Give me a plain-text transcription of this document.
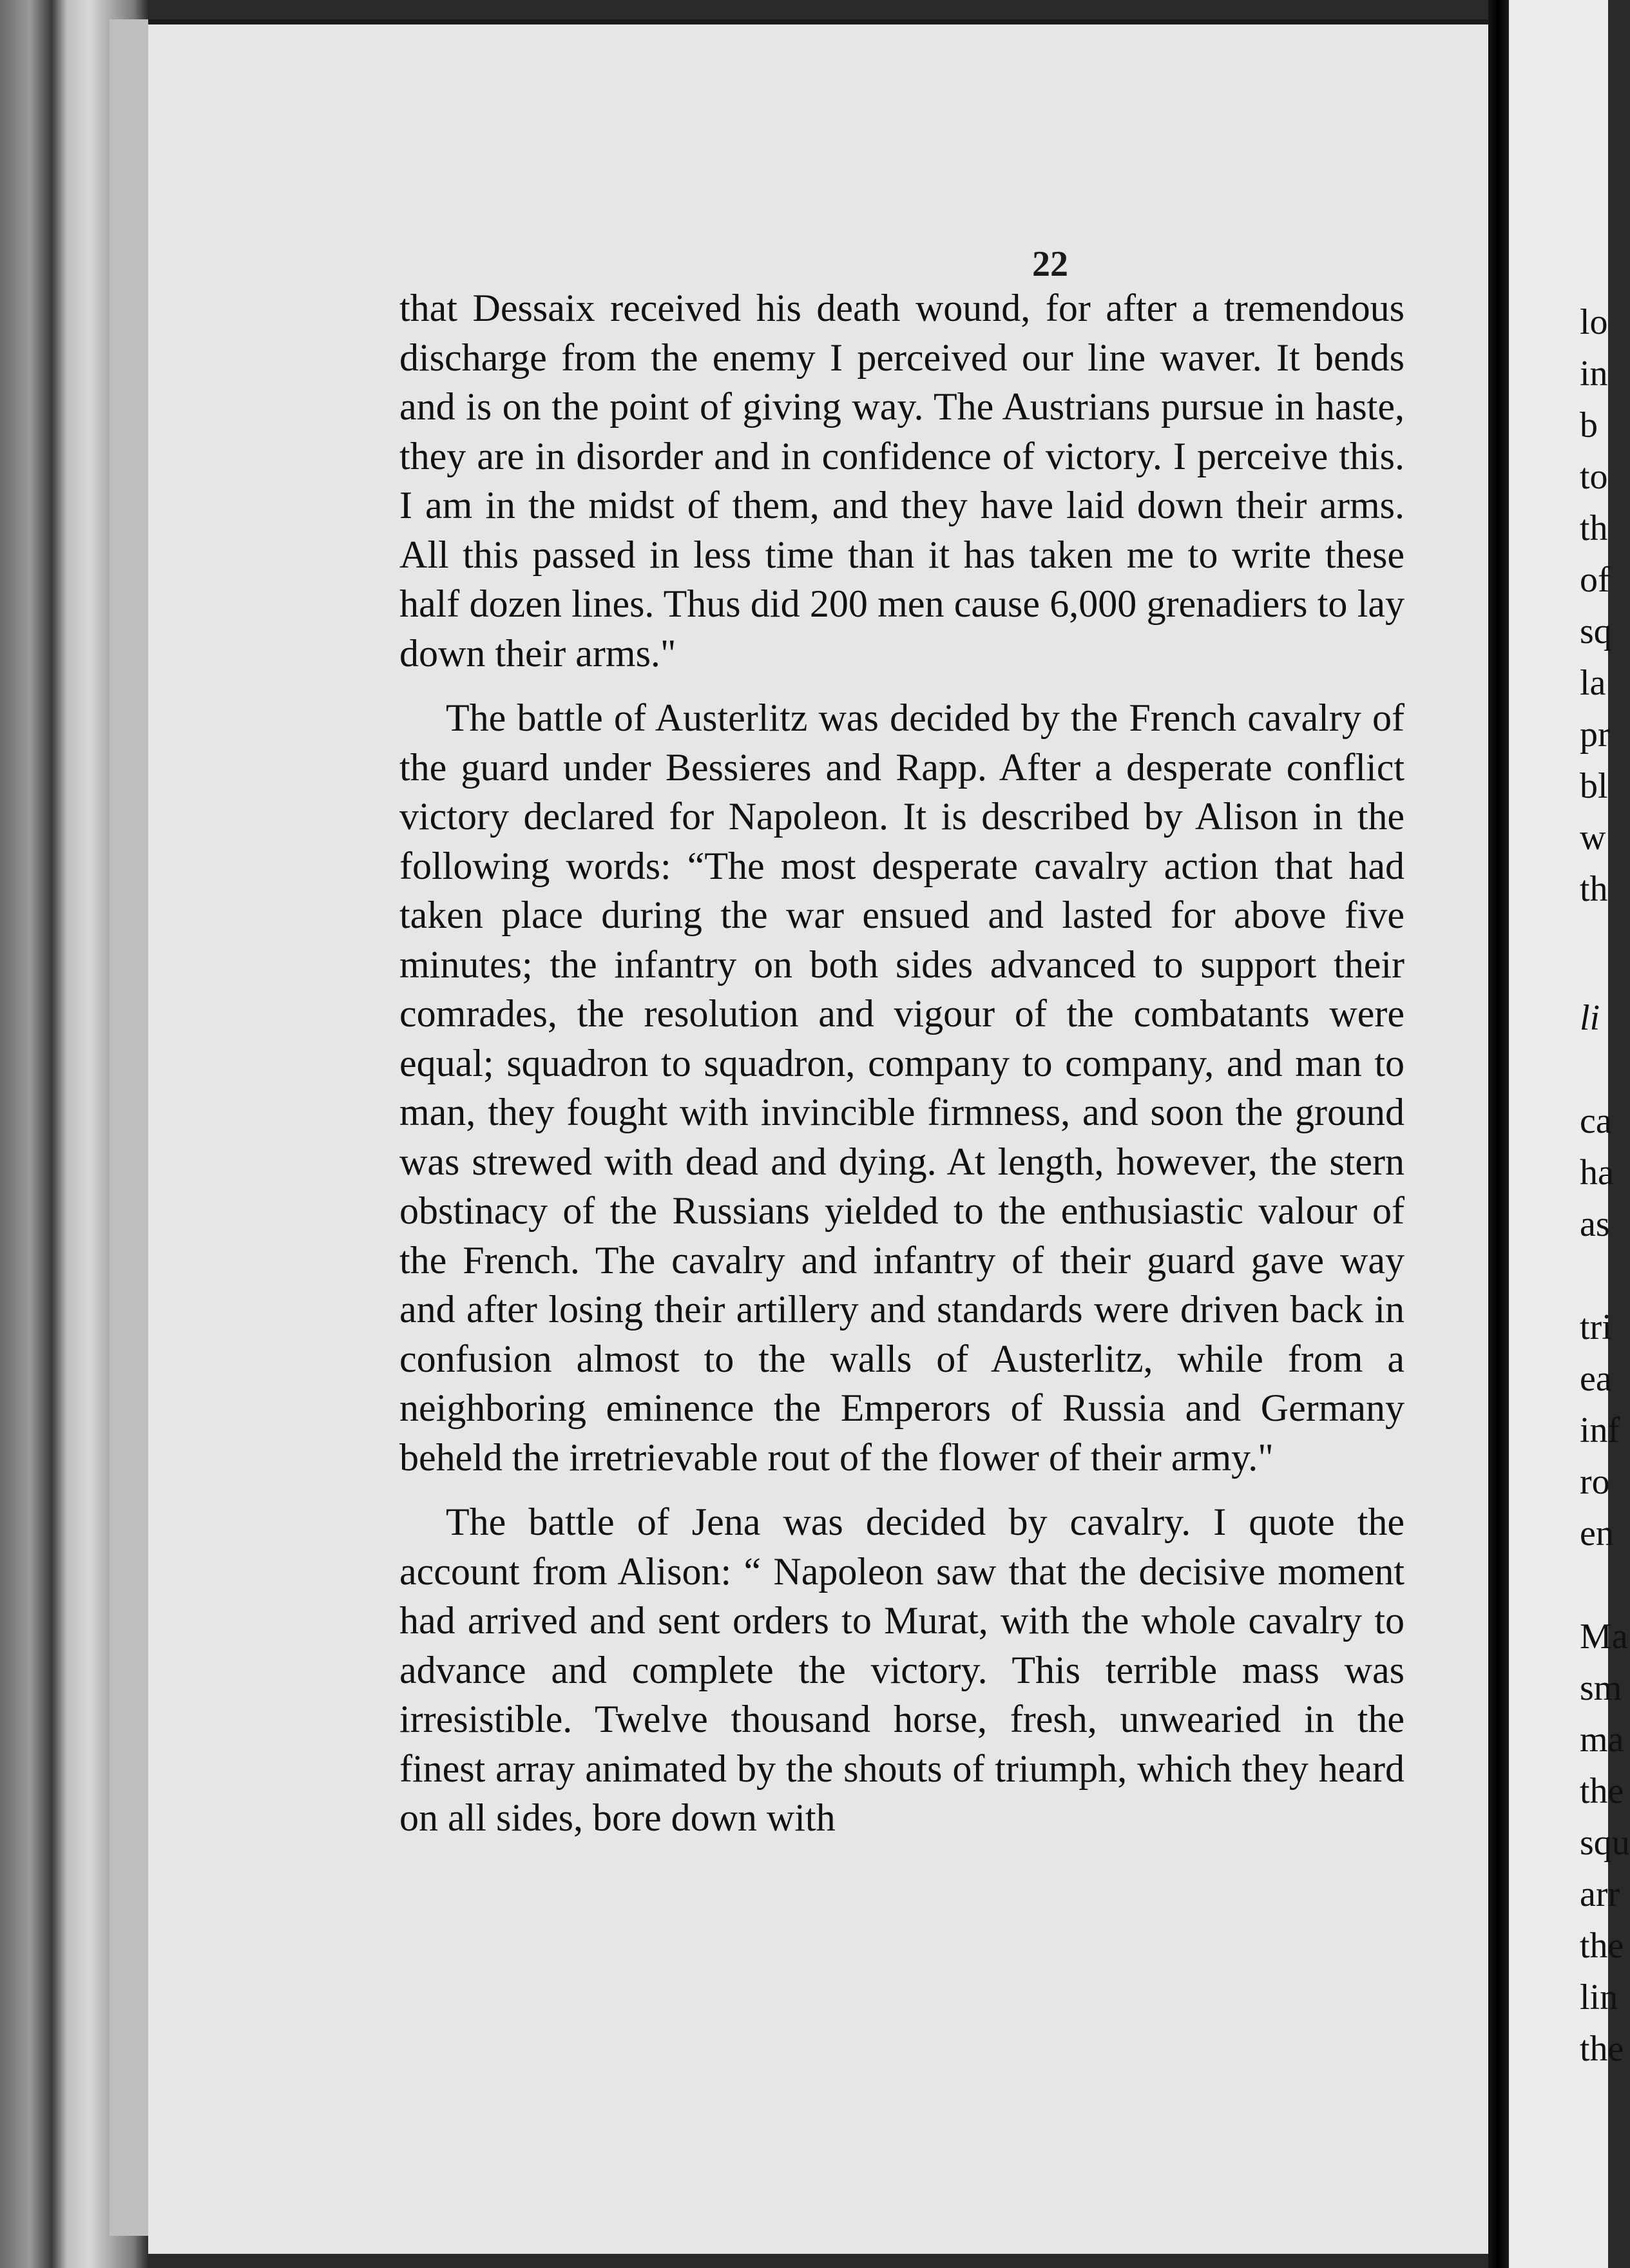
22

that Dessaix received his death wound, for after a tremendous discharge from the enemy I perceived our line waver. It bends and is on the point of giving way. The Austrians pursue in haste, they are in disorder and in confidence of victory. I perceive this. I am in the midst of them, and they have laid down their arms. All this passed in less time than it has taken me to write these half dozen lines. Thus did 200 men cause 6,000 grenadiers to lay down their arms."

The battle of Austerlitz was decided by the French cavalry of the guard under Bessieres and Rapp. After a desperate conflict victory declared for Napoleon. It is described by Alison in the following words: “The most desperate cavalry action that had taken place during the war ensued and lasted for above five minutes; the infantry on both sides advanced to support their comrades, the resolution and vigour of the combatants were equal; squadron to squadron, company to company, and man to man, they fought with invincible firmness, and soon the ground was strewed with dead and dying. At length, however, the stern obstinacy of the Russians yielded to the enthusiastic valour of the French. The cavalry and infantry of their guard gave way and after losing their artillery and standards were driven back in confusion almost to the walls of Austerlitz, while from a neighboring eminence the Emperors of Russia and Germany beheld the irretrievable rout of the flower of their army."

The battle of Jena was decided by cavalry. I quote the account from Alison: “ Napoleon saw that the decisive moment had arrived and sent orders to Murat, with the whole cavalry to advance and complete the victory. This terrible mass was irresistible. Twelve thousand horse, fresh, unwearied in the finest array animated by the shouts of triumph, which they heard on all sides, bore down with

lo
in
b
to
th
of
sq
la
pr
bl
w
th
li
ca
ha
as
tri
ea
inf
ro
en
Ma
sm
ma
the
squ
arr
the
lin
the
